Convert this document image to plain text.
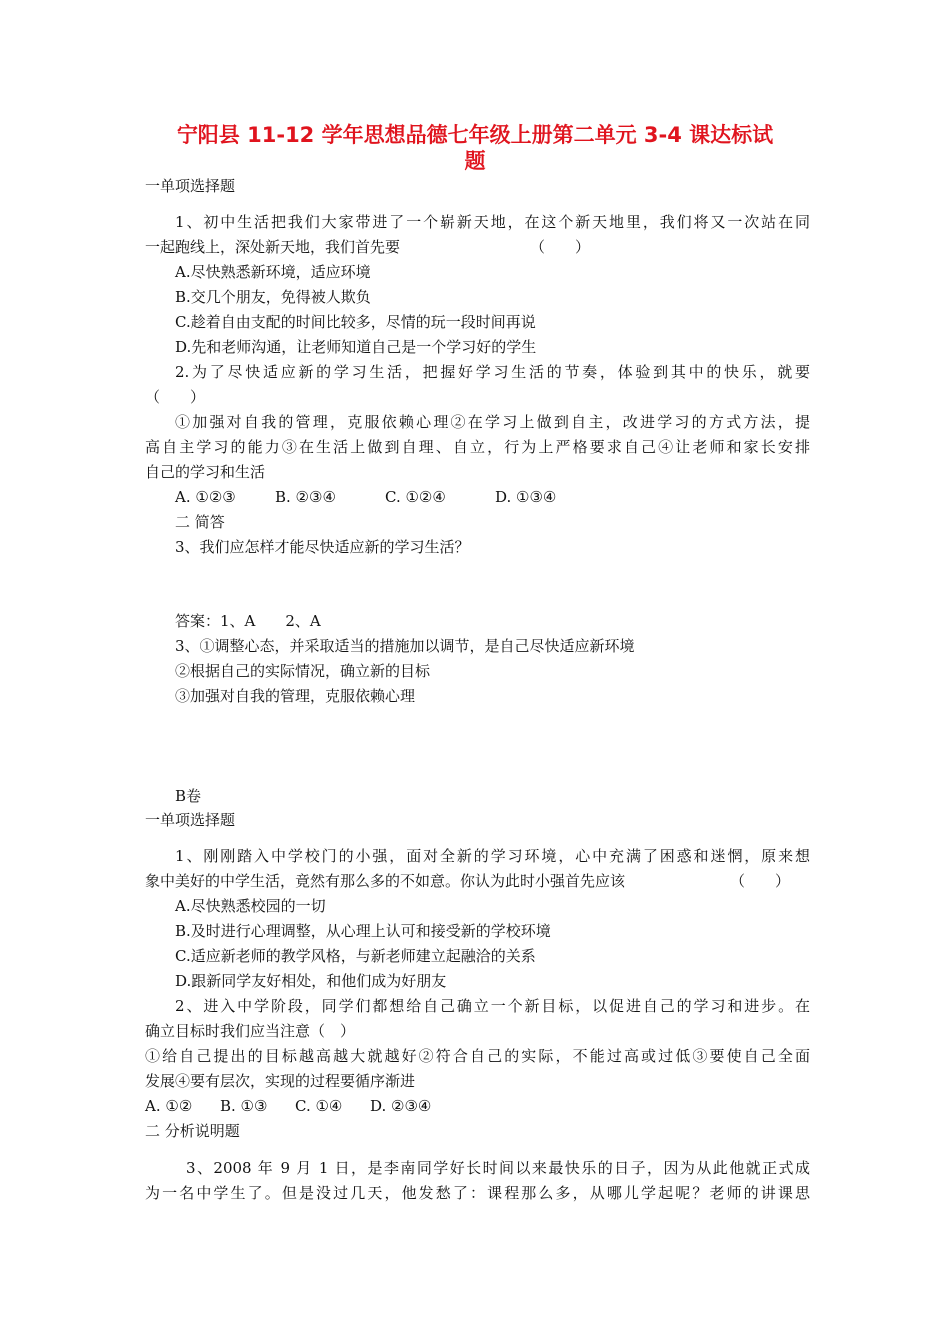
宁阳县 11-12 学年思想品德七年级上册第二单元 3-4 课达标试
题
一单项选择题
1、初中生活把我们大家带进了一个崭新天地，在这个新天地里，我们将又一次站在同
一起跑线上，深处新天地，我们首先要	（　　）
A.尽快熟悉新环境，适应环境
B.交几个朋友，免得被人欺负
C.趁着自由支配的时间比较多，尽情的玩一段时间再说
D.先和老师沟通，让老师知道自己是一个学习好的学生
2.为了尽快适应新的学习生活，把握好学习生活的节奏，体验到其中的快乐，就要
（　　）
①加强对自我的管理，克服依赖心理②在学习上做到自主，改进学习的方式方法，提
高自主学习的能力③在生活上做到自理、自立，行为上严格要求自己④让老师和家长安排
自己的学习和生活
A. ①②③	B. ②③④	C. ①②④	D. ①③④
二 简答
3、我们应怎样才能尽快适应新的学习生活？
答案：1、A　　2、A
3、①调整心态，并采取适当的措施加以调节，是自己尽快适应新环境
②根据自己的实际情况，确立新的目标
③加强对自我的管理，克服依赖心理
B卷
一单项选择题
1、刚刚踏入中学校门的小强，面对全新的学习环境，心中充满了困惑和迷惘，原来想
象中美好的中学生活，竟然有那么多的不如意。你认为此时小强首先应该	（　　）
A.尽快熟悉校园的一切
B.及时进行心理调整，从心理上认可和接受新的学校环境
C.适应新老师的教学风格，与新老师建立起融洽的关系
D.跟新同学友好相处，和他们成为好朋友
2、进入中学阶段，同学们都想给自己确立一个新目标，以促进自己的学习和进步。在
确立目标时我们应当注意（　）
①给自己提出的目标越高越大就越好②符合自己的实际，不能过高或过低③要使自己全面
发展④要有层次，实现的过程要循序渐进
A. ①② B. ①③ C. ①④ D. ②③④
二 分析说明题
3、2008 年 9 月 1 日，是李南同学好长时间以来最快乐的日子，因为从此他就正式成
为一名中学生了。但是没过几天，他发愁了：课程那么多，从哪儿学起呢？老师的讲课思
